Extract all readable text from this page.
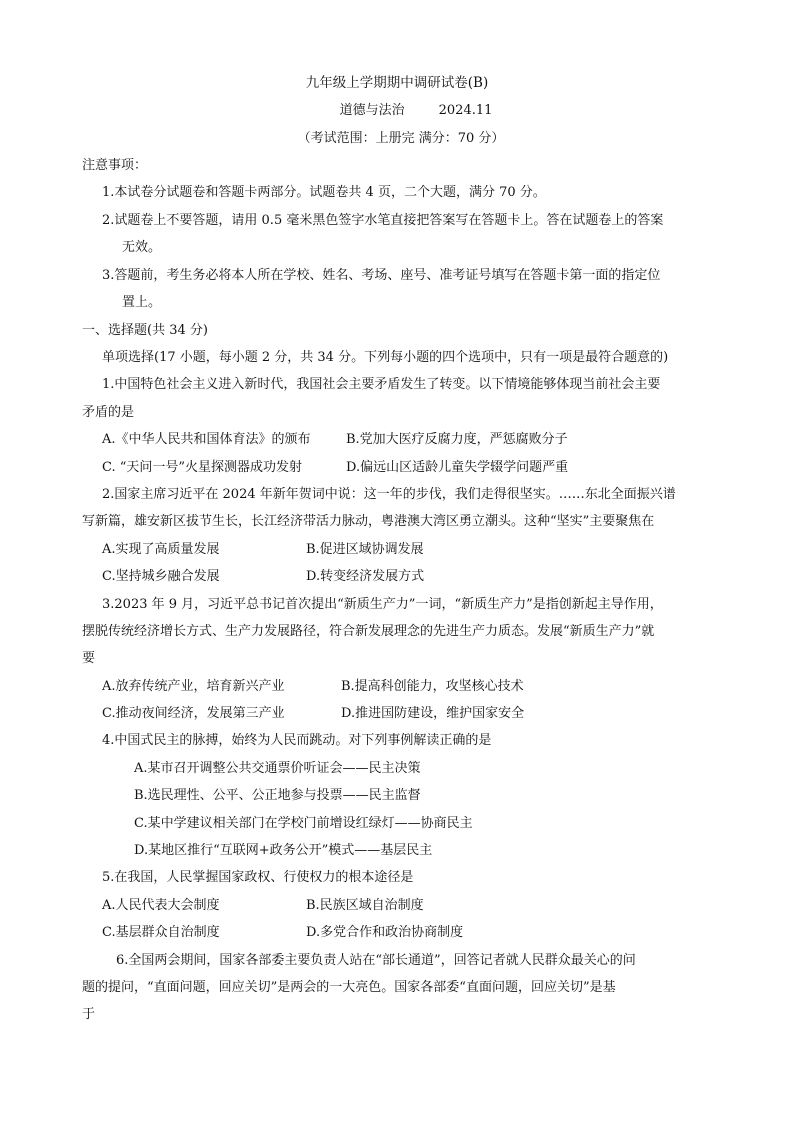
九年级上学期期中调研试卷(B)
道德与法治	2024.11
（考试范围：上册完 满分：70 分）
注意事项：
1.本试卷分试题卷和答题卡两部分。试题卷共 4 页，二个大题，满分 70 分。
2.试题卷上不要答题，请用 0.5 毫米黑色签字水笔直接把答案写在答题卡上。答在试题卷上的答案
无效。
3.答题前，考生务必将本人所在学校、姓名、考场、座号、准考证号填写在答题卡第一面的指定位
置上。
一、选择题(共 34 分)
单项选择(17 小题，每小题 2 分，共 34 分。下列每小题的四个选项中，只有一项是最符合题意的)
1.中国特色社会主义进入新时代，我国社会主要矛盾发生了转变。以下情境能够体现当前社会主要
矛盾的是
A.《中华人民共和国体育法》的颁布	B.党加大医疗反腐力度，严惩腐败分子
C. “天问一号”火星探测器成功发射	D.偏远山区适龄儿童失学辍学问题严重
2.国家主席习近平在 2024 年新年贺词中说：这一年的步伐，我们走得很坚实。……东北全面振兴谱
写新篇，雄安新区拔节生长，长江经济带活力脉动，粤港澳大湾区勇立潮头。这种“坚实”主要聚焦在
A.实现了高质量发展	B.促进区域协调发展
C.坚持城乡融合发展	D.转变经济发展方式
3.2023 年 9 月，习近平总书记首次提出“新质生产力”一词，“新质生产力”是指创新起主导作用，
摆脱传统经济增长方式、生产力发展路径，符合新发展理念的先进生产力质态。发展“新质生产力”就
要
A.放弃传统产业，培育新兴产业	B.提高科创能力，攻坚核心技术
C.推动夜间经济，发展第三产业	D.推进国防建设，维护国家安全
4.中国式民主的脉搏，始终为人民而跳动。对下列事例解读正确的是
A.某市召开调整公共交通票价听证会——民主决策
B.选民理性、公平、公正地参与投票——民主监督
C.某中学建议相关部门在学校门前增设红绿灯——协商民主
D.某地区推行“互联网+政务公开”模式——基层民主
5.在我国，人民掌握国家政权、行使权力的根本途径是
A.人民代表大会制度	B.民族区域自治制度
C.基层群众自治制度	D.多党合作和政治协商制度
6.全国两会期间，国家各部委主要负责人站在“部长通道”，回答记者就人民群众最关心的问
题的提问，“直面问题，回应关切”是两会的一大亮色。国家各部委“直面问题，回应关切”是基
于
